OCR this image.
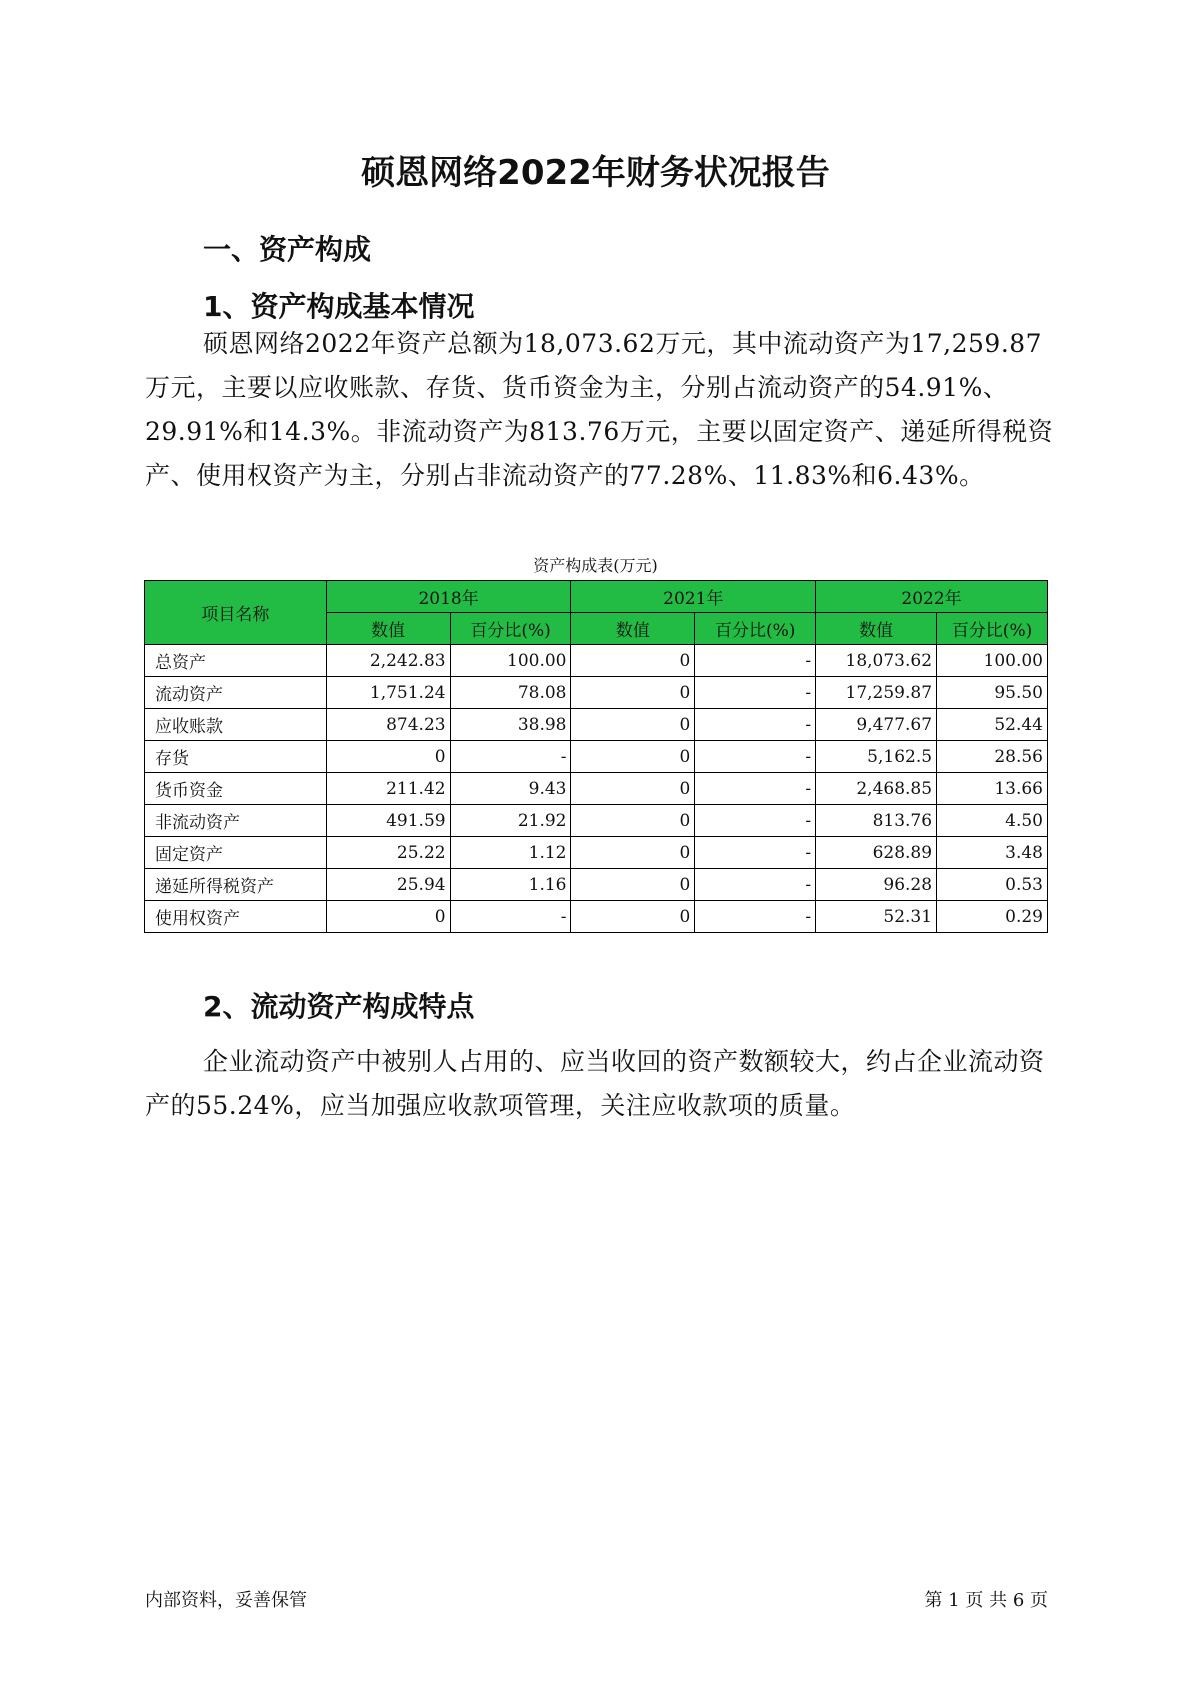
硕恩网络2022年财务状况报告
一、资产构成
1、资产构成基本情况
硕恩网络2022年资产总额为18,073.62万元，其中流动资产为17,259.87万元，主要以应收账款、存货、货币资金为主，分别占流动资产的54.91%、29.91%和14.3%。非流动资产为813.76万元，主要以固定资产、递延所得税资产、使用权资产为主，分别占非流动资产的77.28%、11.83%和6.43%。
资产构成表(万元)
项目名称	2018年		2021年		2022年	
	数值	百分比(%)	数值	百分比(%)	数值	百分比(%)
总资产	2,242.83	100.00	0	-	18,073.62	100.00
流动资产	1,751.24	78.08	0	-	17,259.87	95.50
应收账款	874.23	38.98	0	-	9,477.67	52.44
存货	0	-	0	-	5,162.5	28.56
货币资金	211.42	9.43	0	-	2,468.85	13.66
非流动资产	491.59	21.92	0	-	813.76	4.50
固定资产	25.22	1.12	0	-	628.89	3.48
递延所得税资产	25.94	1.16	0	-	96.28	0.53
使用权资产	0	-	0	-	52.31	0.29
2、流动资产构成特点
企业流动资产中被别人占用的、应当收回的资产数额较大，约占企业流动资产的55.24%，应当加强应收款项管理，关注应收款项的质量。
内部资料，妥善保管	第 1 页 共 6 页
